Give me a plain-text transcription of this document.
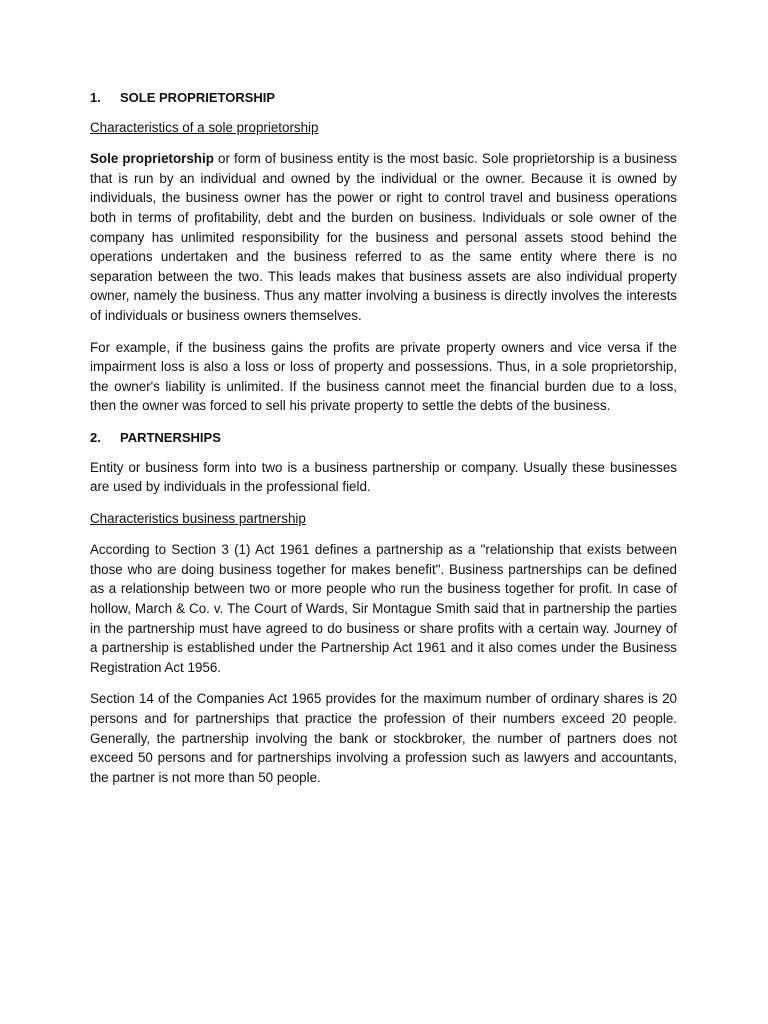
1.	SOLE PROPRIETORSHIP

Characteristics of a sole proprietorship

Sole proprietorship or form of business entity is the most basic. Sole proprietorship is a business that is run by an individual and owned by the individual or the owner. Because it is owned by individuals, the business owner has the power or right to control travel and business operations both in terms of profitability, debt and the burden on business. Individuals or sole owner of the company has unlimited responsibility for the business and personal assets stood behind the operations undertaken and the business referred to as the same entity where there is no separation between the two. This leads makes that business assets are also individual property owner, namely the business. Thus any matter involving a business is directly involves the interests of individuals or business owners themselves.

For example, if the business gains the profits are private property owners and vice versa if the impairment loss is also a loss or loss of property and possessions. Thus, in a sole proprietorship, the owner's liability is unlimited. If the business cannot meet the financial burden due to a loss, then the owner was forced to sell his private property to settle the debts of the business.

2.	PARTNERSHIPS

Entity or business form into two is a business partnership or company. Usually these businesses are used by individuals in the professional field.

Characteristics business partnership

According to Section 3 (1) Act 1961 defines a partnership as a "relationship that exists between those who are doing business together for makes benefit". Business partnerships can be defined as a relationship between two or more people who run the business together for profit. In case of hollow, March & Co. v. The Court of Wards, Sir Montague Smith said that in partnership the parties in the partnership must have agreed to do business or share profits with a certain way. Journey of a partnership is established under the Partnership Act 1961 and it also comes under the Business Registration Act 1956.

Section 14 of the Companies Act 1965 provides for the maximum number of ordinary shares is 20 persons and for partnerships that practice the profession of their numbers exceed 20 people. Generally, the partnership involving the bank or stockbroker, the number of partners does not exceed 50 persons and for partnerships involving a profession such as lawyers and accountants, the partner is not more than 50 people.
